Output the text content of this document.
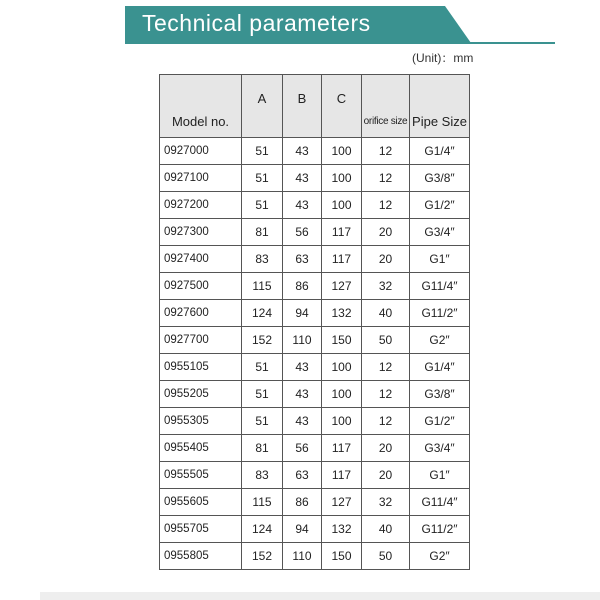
Technical parameters
(Unit)：mm
Model no.	A	B	C	orifice size	Pipe Size
0927000	51	43	100	12	G1/4″
0927100	51	43	100	12	G3/8″
0927200	51	43	100	12	G1/2″
0927300	81	56	117	20	G3/4″
0927400	83	63	117	20	G1″
0927500	115	86	127	32	G11/4″
0927600	124	94	132	40	G11/2″
0927700	152	110	150	50	G2″
0955105	51	43	100	12	G1/4″
0955205	51	43	100	12	G3/8″
0955305	51	43	100	12	G1/2″
0955405	81	56	117	20	G3/4″
0955505	83	63	117	20	G1″
0955605	115	86	127	32	G11/4″
0955705	124	94	132	40	G11/2″
0955805	152	110	150	50	G2″
